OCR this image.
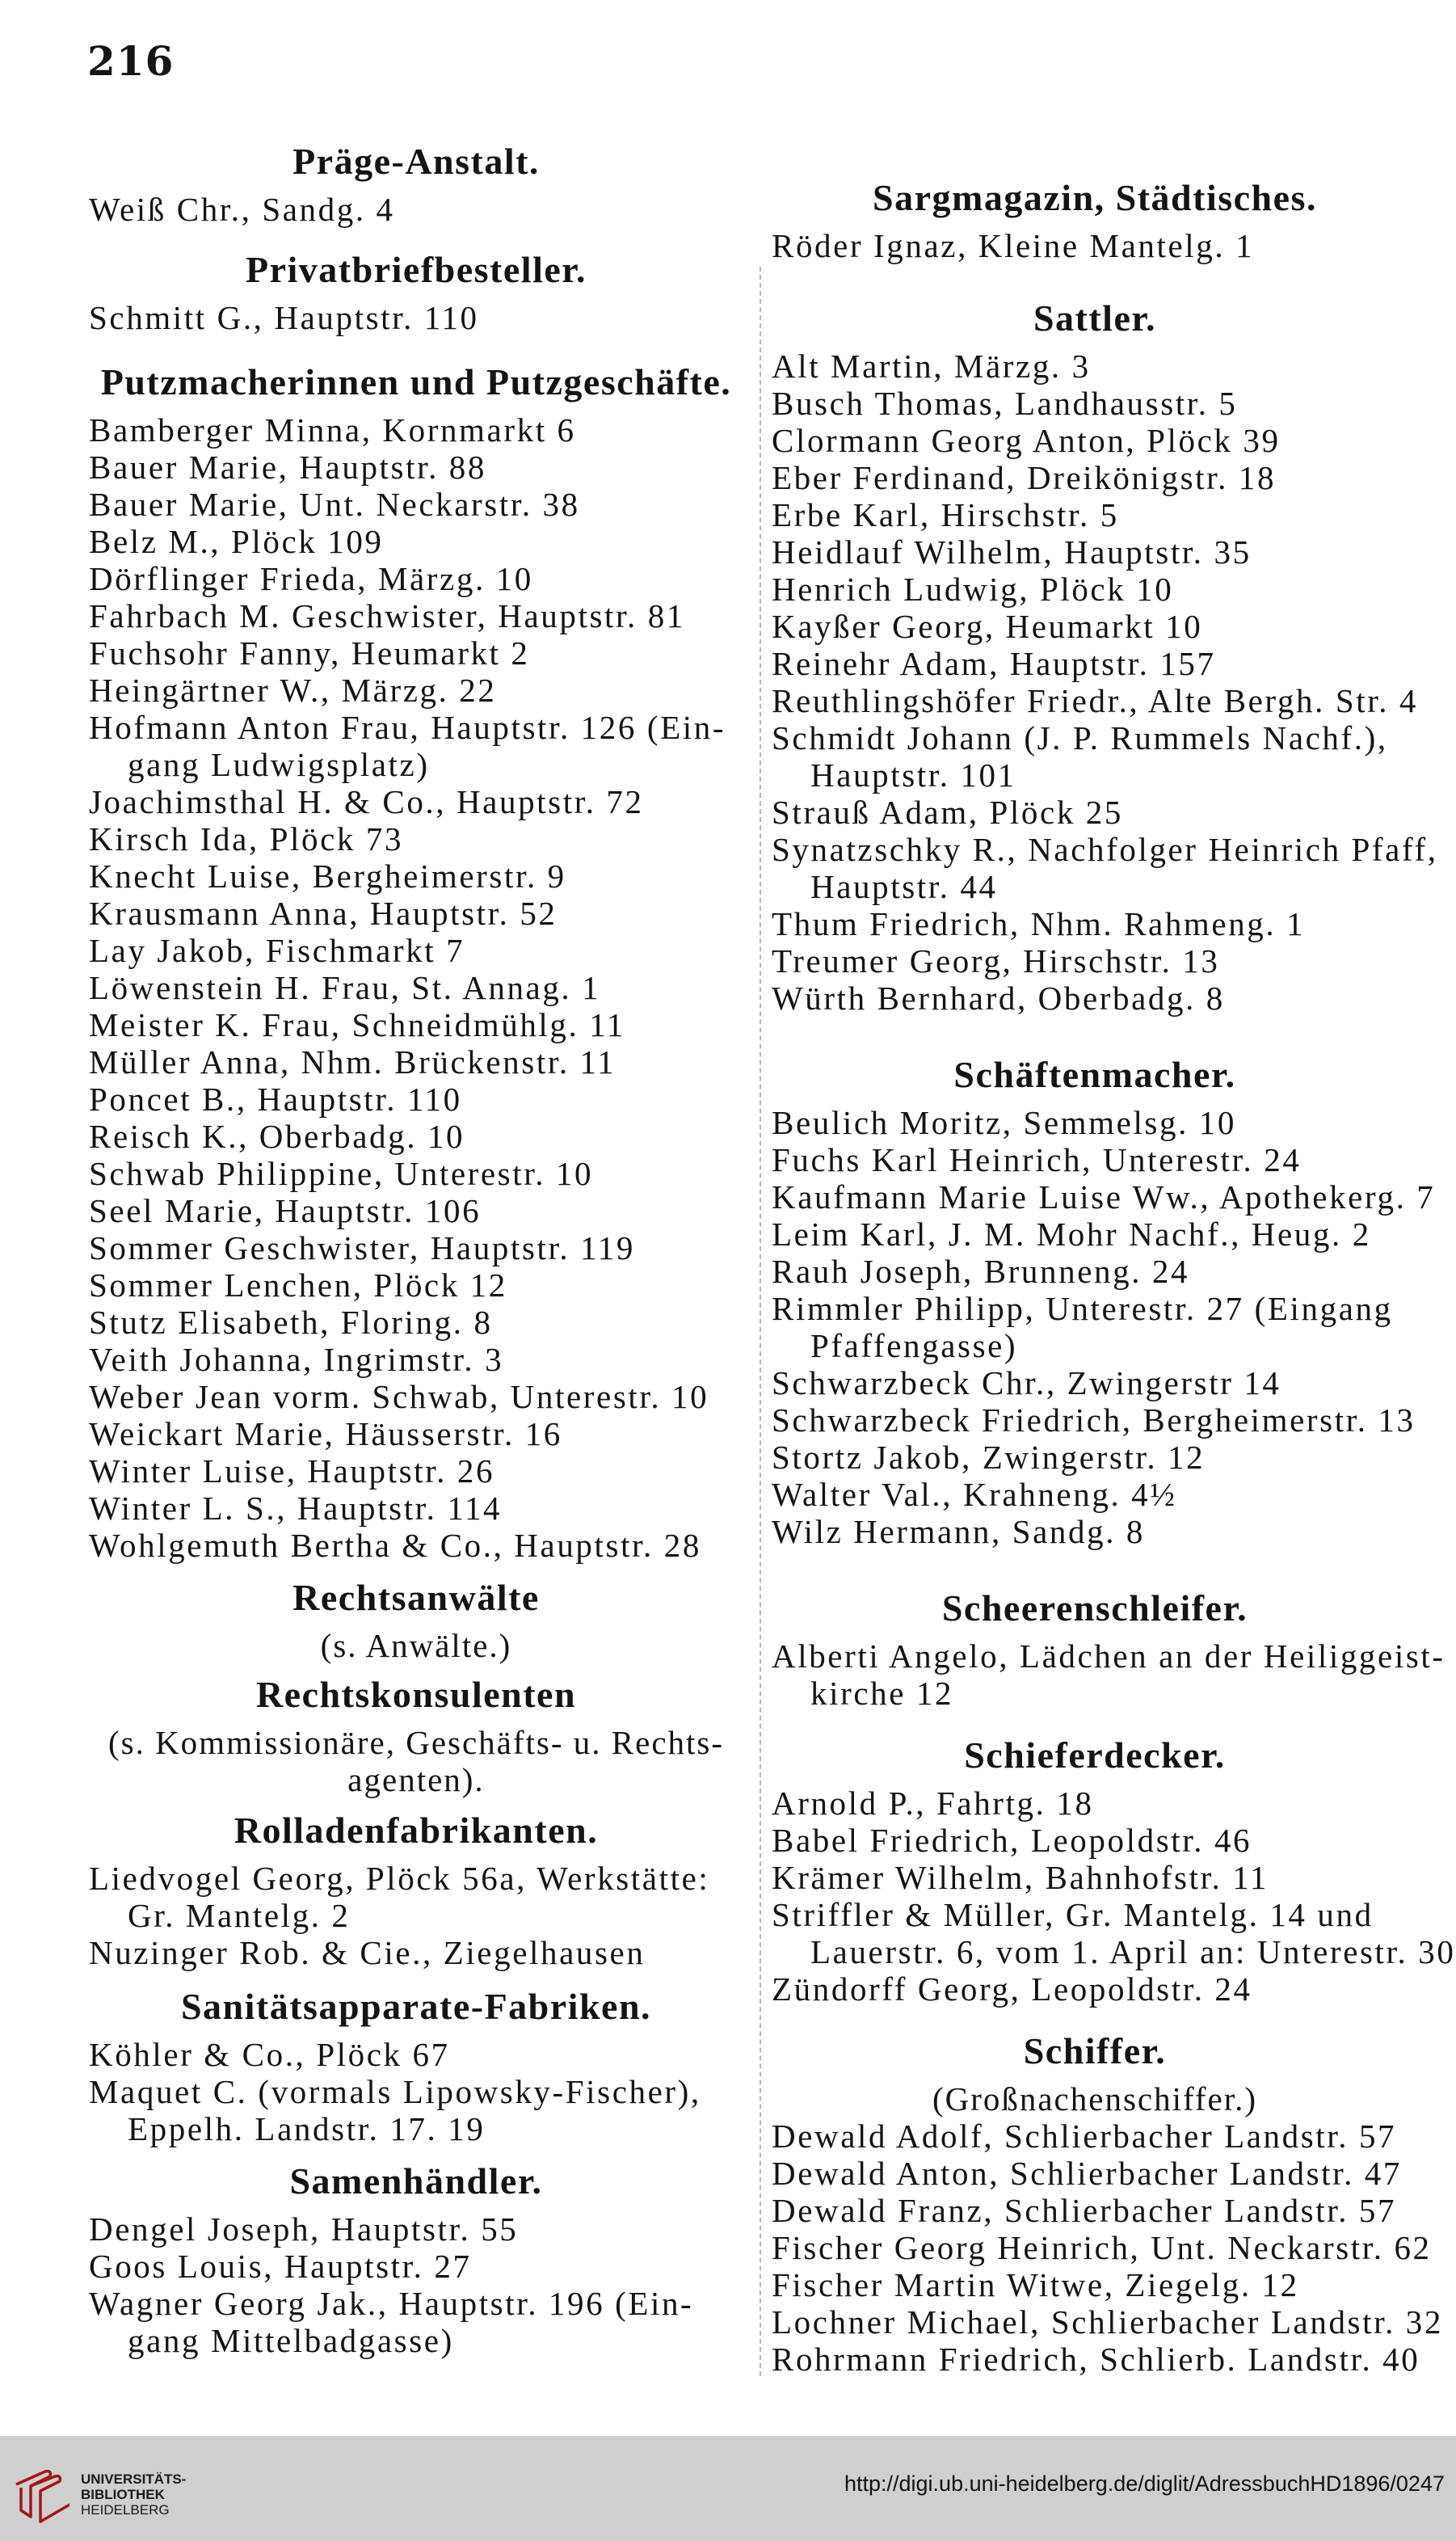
216
Präge-Anstalt.
Weiß Chr., Sandg. 4
Privatbriefbesteller.
Schmitt G., Hauptstr. 110
Putzmacherinnen und Putzgeschäfte.
Bamberger Minna, Kornmarkt 6
Bauer Marie, Hauptstr. 88
Bauer Marie, Unt. Neckarstr. 38
Belz M., Plöck 109
Dörflinger Frieda, Märzg. 10
Fahrbach M. Geschwister, Hauptstr. 81
Fuchsohr Fanny, Heumarkt 2
Heingärtner W., Märzg. 22
Hofmann Anton Frau, Hauptstr. 126 (Ein-
gang Ludwigsplatz)
Joachimsthal H. & Co., Hauptstr. 72
Kirsch Ida, Plöck 73
Knecht Luise, Bergheimerstr. 9
Krausmann Anna, Hauptstr. 52
Lay Jakob, Fischmarkt 7
Löwenstein H. Frau, St. Annag. 1
Meister K. Frau, Schneidmühlg. 11
Müller Anna, Nhm. Brückenstr. 11
Poncet B., Hauptstr. 110
Reisch K., Oberbadg. 10
Schwab Philippine, Unterestr. 10
Seel Marie, Hauptstr. 106
Sommer Geschwister, Hauptstr. 119
Sommer Lenchen, Plöck 12
Stutz Elisabeth, Floring. 8
Veith Johanna, Ingrimstr. 3
Weber Jean vorm. Schwab, Unterestr. 10
Weickart Marie, Häusserstr. 16
Winter Luise, Hauptstr. 26
Winter L. S., Hauptstr. 114
Wohlgemuth Bertha & Co., Hauptstr. 28
Rechtsanwälte
(s. Anwälte.)
Rechtskonsulenten
(s. Kommissionäre, Geschäfts- u. Rechts-
agenten).
Rolladenfabrikanten.
Liedvogel Georg, Plöck 56a, Werkstätte:
Gr. Mantelg. 2
Nuzinger Rob. & Cie., Ziegelhausen
Sanitätsapparate-Fabriken.
Köhler & Co., Plöck 67
Maquet C. (vormals Lipowsky-Fischer),
Eppelh. Landstr. 17. 19
Samenhändler.
Dengel Joseph, Hauptstr. 55
Goos Louis, Hauptstr. 27
Wagner Georg Jak., Hauptstr. 196 (Ein-
gang Mittelbadgasse)
Sargmagazin, Städtisches.
Röder Ignaz, Kleine Mantelg. 1
Sattler.
Alt Martin, Märzg. 3
Busch Thomas, Landhausstr. 5
Clormann Georg Anton, Plöck 39
Eber Ferdinand, Dreikönigstr. 18
Erbe Karl, Hirschstr. 5
Heidlauf Wilhelm, Hauptstr. 35
Henrich Ludwig, Plöck 10
Kayßer Georg, Heumarkt 10
Reinehr Adam, Hauptstr. 157
Reuthlingshöfer Friedr., Alte Bergh. Str. 4
Schmidt Johann (J. P. Rummels Nachf.),
Hauptstr. 101
Strauß Adam, Plöck 25
Synatzschky R., Nachfolger Heinrich Pfaff,
Hauptstr. 44
Thum Friedrich, Nhm. Rahmeng. 1
Treumer Georg, Hirschstr. 13
Würth Bernhard, Oberbadg. 8
Schäftenmacher.
Beulich Moritz, Semmelsg. 10
Fuchs Karl Heinrich, Unterestr. 24
Kaufmann Marie Luise Ww., Apothekerg. 7
Leim Karl, J. M. Mohr Nachf., Heug. 2
Rauh Joseph, Brunneng. 24
Rimmler Philipp, Unterestr. 27 (Eingang
Pfaffengasse)
Schwarzbeck Chr., Zwingerstr 14
Schwarzbeck Friedrich, Bergheimerstr. 13
Stortz Jakob, Zwingerstr. 12
Walter Val., Krahneng. 4½
Wilz Hermann, Sandg. 8
Scheerenschleifer.
Alberti Angelo, Lädchen an der Heiliggeist-
kirche 12
Schieferdecker.
Arnold P., Fahrtg. 18
Babel Friedrich, Leopoldstr. 46
Krämer Wilhelm, Bahnhofstr. 11
Striffler & Müller, Gr. Mantelg. 14 und
Lauerstr. 6, vom 1. April an: Unterestr. 30
Zündorff Georg, Leopoldstr. 24
Schiffer.
(Großnachenschiffer.)
Dewald Adolf, Schlierbacher Landstr. 57
Dewald Anton, Schlierbacher Landstr. 47
Dewald Franz, Schlierbacher Landstr. 57
Fischer Georg Heinrich, Unt. Neckarstr. 62
Fischer Martin Witwe, Ziegelg. 12
Lochner Michael, Schlierbacher Landstr. 32
Rohrmann Friedrich, Schlierb. Landstr. 40
UNIVERSITÄTS-
BIBLIOTHEK
HEIDELBERG
http://digi.ub.uni-heidelberg.de/diglit/AdressbuchHD1896/0247
